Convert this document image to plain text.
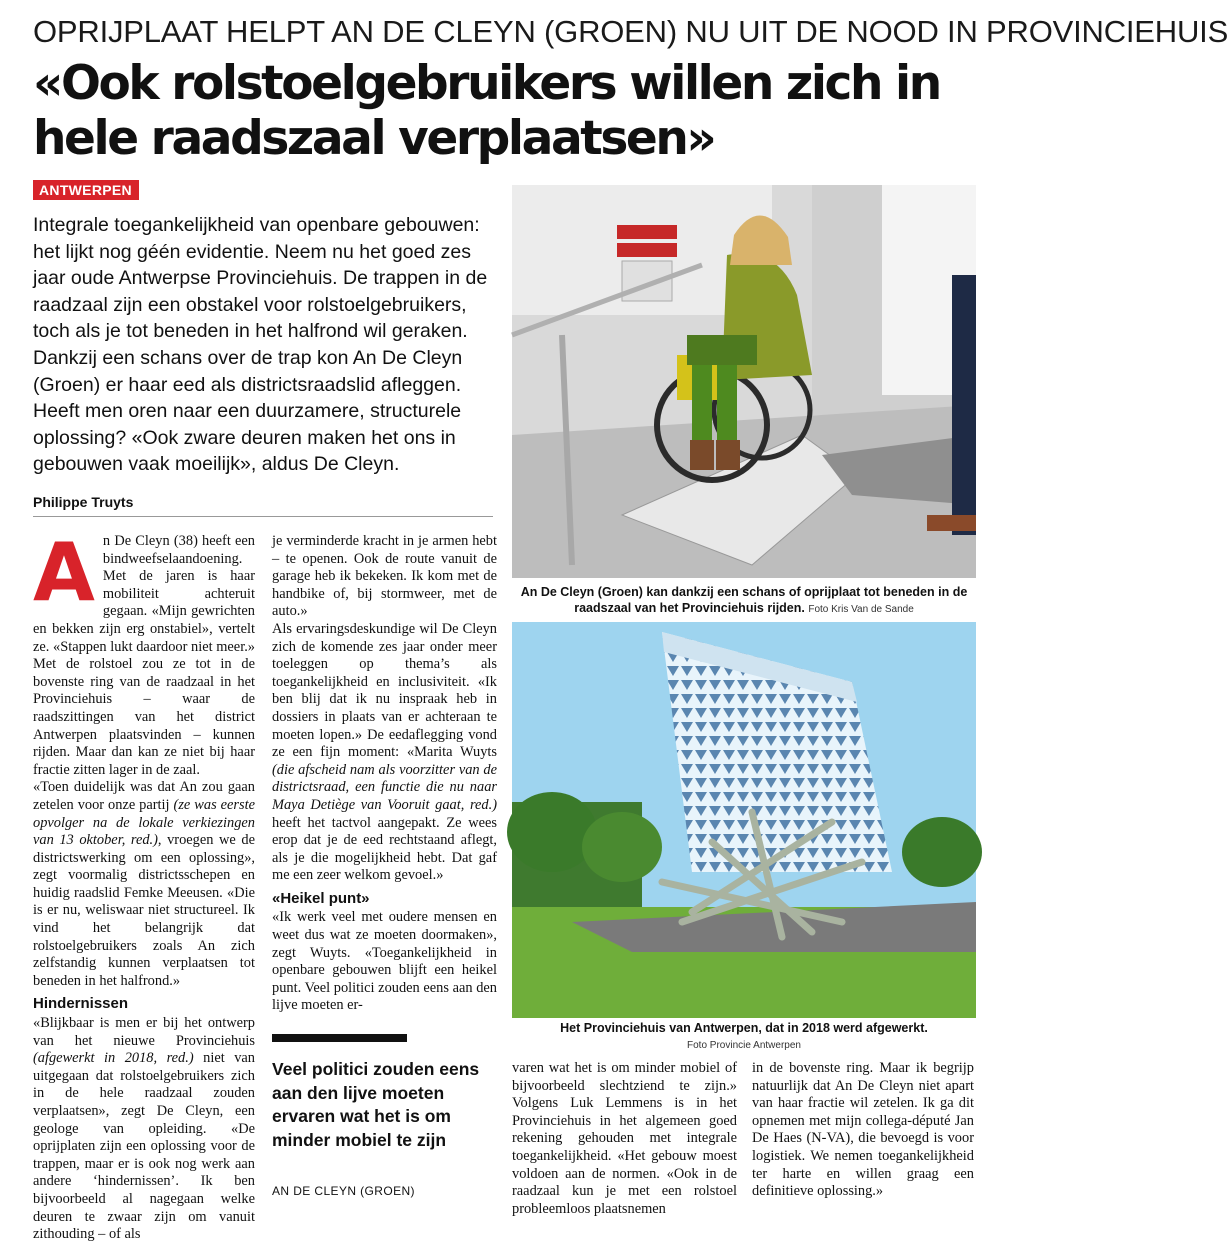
OPRIJPLAAT HELPT AN DE CLEYN (GROEN) NU UIT DE NOOD IN PROVINCIEHUIS
«Ook rolstoelgebruikers willen zich in hele raadszaal verplaatsen»
ANTWERPEN
Integrale toegankelijkheid van openbare gebouwen: het lijkt nog géén evidentie. Neem nu het goed zes jaar oude Antwerpse Provinciehuis. De trappen in de raadzaal zijn een obstakel voor rolstoelgebruikers, toch als je tot beneden in het halfrond wil geraken. Dankzij een schans over de trap kon An De Cleyn (Groen) er haar eed als districtsraadslid afleggen. Heeft men oren naar een duurzamere, structurele oplossing? «Ook zware deuren maken het ons in gebouwen vaak moeilijk», aldus De Cleyn.
Philippe Truyts

An De Cleyn (38) heeft een bindweefselaandoening. Met de jaren is haar mobiliteit achteruit gegaan. «Mijn gewrichten en bekken zijn erg onstabiel», vertelt ze. «Stappen lukt daardoor niet meer.» Met de rolstoel zou ze tot in de bovenste ring van de raadzaal in het Provinciehuis – waar de raadszittingen van het district Antwerpen plaatsvinden – kunnen rijden. Maar dan kan ze niet bij haar fractie zitten lager in de zaal.

«Toen duidelijk was dat An zou gaan zetelen voor onze partij (ze was eerste opvolger na de lokale verkiezingen van 13 oktober, red.), vroegen we de districtswerking om een oplossing», zegt voormalig districtsschepen en huidig raadslid Femke Meeusen. «Die is er nu, weliswaar niet structureel. Ik vind het belangrijk dat rolstoelgebruikers zoals An zich zelfstandig kunnen verplaatsen tot beneden in het halfrond.»

Hindernissen

«Blijkbaar is men er bij het ontwerp van het nieuwe Provinciehuis (afgewerkt in 2018, red.) niet van uitgegaan dat rolstoelgebruikers zich in de hele raadzaal zouden verplaatsen», zegt De Cleyn, een geologe van opleiding. «De oprijplaten zijn een oplossing voor de trappen, maar er is ook nog werk aan andere ‘hindernissen’. Ik ben bijvoorbeeld al nagegaan welke deuren te zwaar zijn om vanuit zithouding – of als

je verminderde kracht in je armen hebt – te openen. Ook de route vanuit de garage heb ik bekeken. Ik kom met de handbike of, bij stormweer, met de auto.»

Als ervaringsdeskundige wil De Cleyn zich de komende zes jaar onder meer toeleggen op thema’s als toegankelijkheid en inclusiviteit. «Ik ben blij dat ik nu inspraak heb in dossiers in plaats van er achteraan te moeten lopen.» De eedaflegging vond ze een fijn moment: «Marita Wuyts (die afscheid nam als voorzitter van de districtsraad, een functie die nu naar Maya Detiège van Vooruit gaat, red.) heeft het tactvol aangepakt. Ze wees erop dat je de eed rechtstaand aflegt, als je die mogelijkheid hebt. Dat gaf me een zeer welkom gevoel.»

«Heikel punt»

«Ik werk veel met oudere mensen en weet dus wat ze moeten doormaken», zegt Wuyts. «Toegankelijkheid in openbare gebouwen blijft een heikel punt. Veel politici zouden eens aan den lijve moeten er-

Veel politici zouden eens aan den lijve moeten ervaren wat het is om minder mobiel te zijn
AN DE CLEYN (GROEN)

varen wat het is om minder mobiel of bijvoorbeeld slechtziend te zijn.» Volgens Luk Lemmens is in het Provinciehuis in het algemeen goed rekening gehouden met integrale toegankelijkheid. «Het gebouw moest voldoen aan de normen. «Ook in de raadzaal kun je met een rolstoel probleemloos plaatsnemen

in de bovenste ring. Maar ik begrijp natuurlijk dat An De Cleyn niet apart van haar fractie wil zetelen. Ik ga dit opnemen met mijn collega-député Jan De Haes (N-VA), die bevoegd is voor logistiek. We nemen toegankelijkheid ter harte en willen graag een definitieve oplossing.»

An De Cleyn (Groen) kan dankzij een schans of oprijplaat tot beneden in de raadszaal van het Provinciehuis rijden. Foto Kris Van de Sande
Het Provinciehuis van Antwerpen, dat in 2018 werd afgewerkt.
Foto Provincie Antwerpen
